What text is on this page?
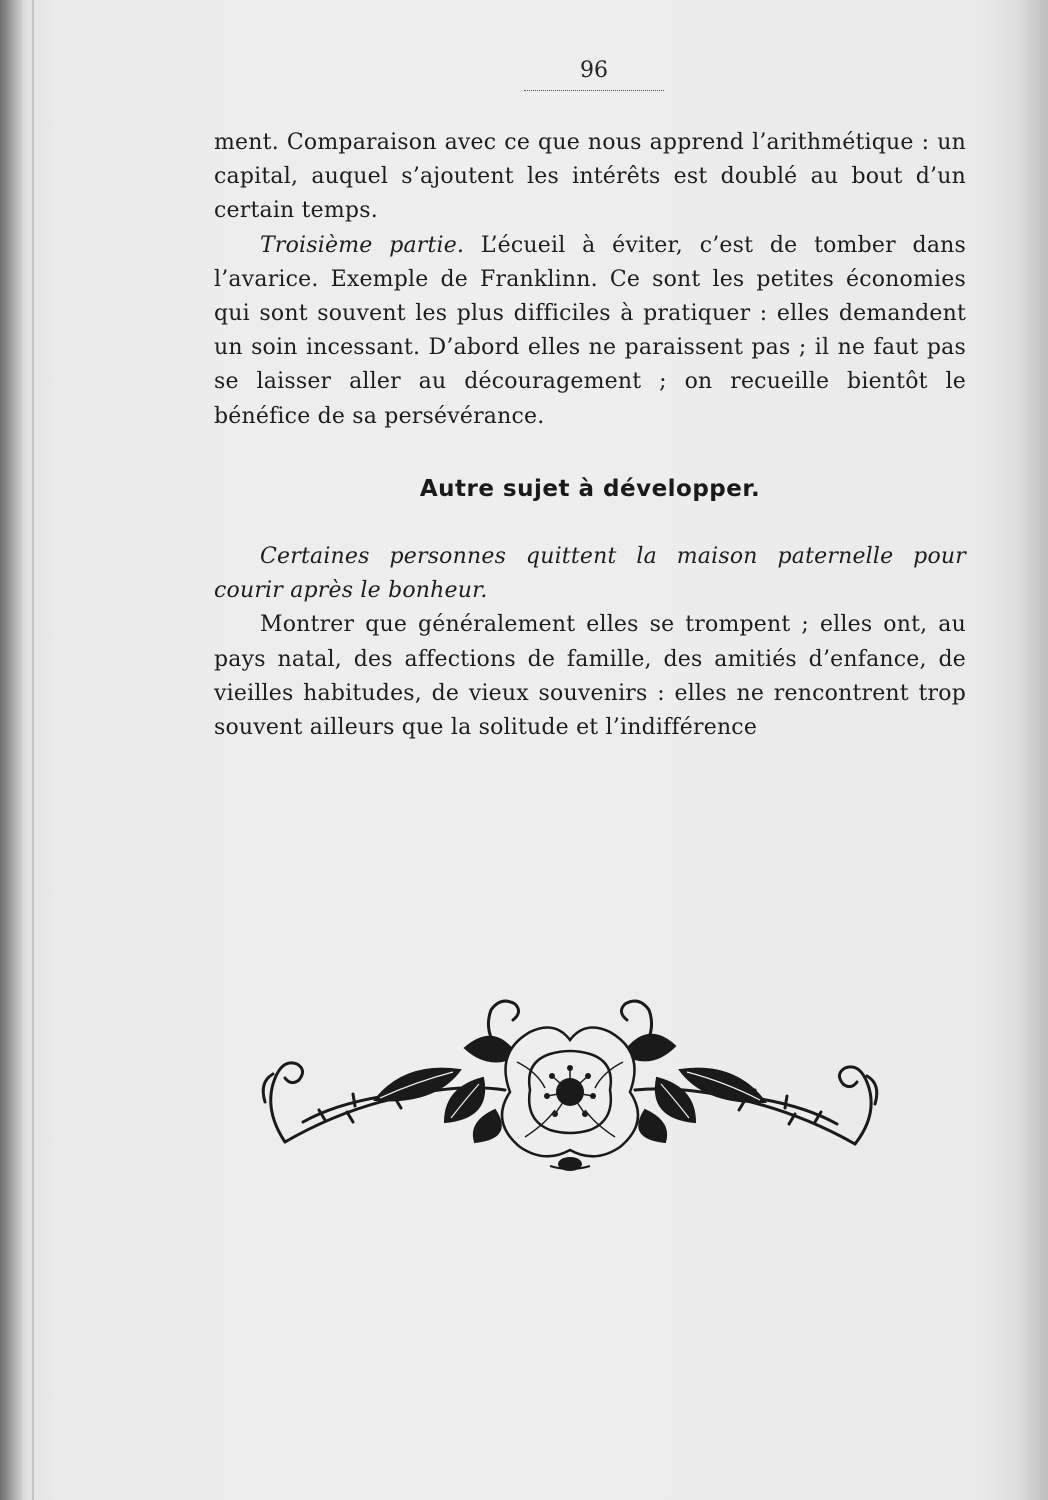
96

ment. Comparaison avec ce que nous apprend l’arithmétique : un capital, auquel s’ajoutent les intérêts est doublé au bout d’un certain temps.

Troisième partie. L’écueil à éviter, c’est de tomber dans l’avarice. Exemple de Franklinn. Ce sont les petites économies qui sont souvent les plus difficiles à pratiquer : elles demandent un soin incessant. D’abord elles ne paraissent pas ; il ne faut pas se laisser aller au découragement ; on recueille bientôt le bénéfice de sa persévérance.

Autre sujet à développer.

Certaines personnes quittent la maison paternelle pour courir après le bonheur.

Montrer que généralement elles se trompent ; elles ont, au pays natal, des affections de famille, des amitiés d’enfance, de vieilles habitudes, de vieux souvenirs : elles ne rencontrent trop souvent ailleurs que la solitude et l’indifférence
